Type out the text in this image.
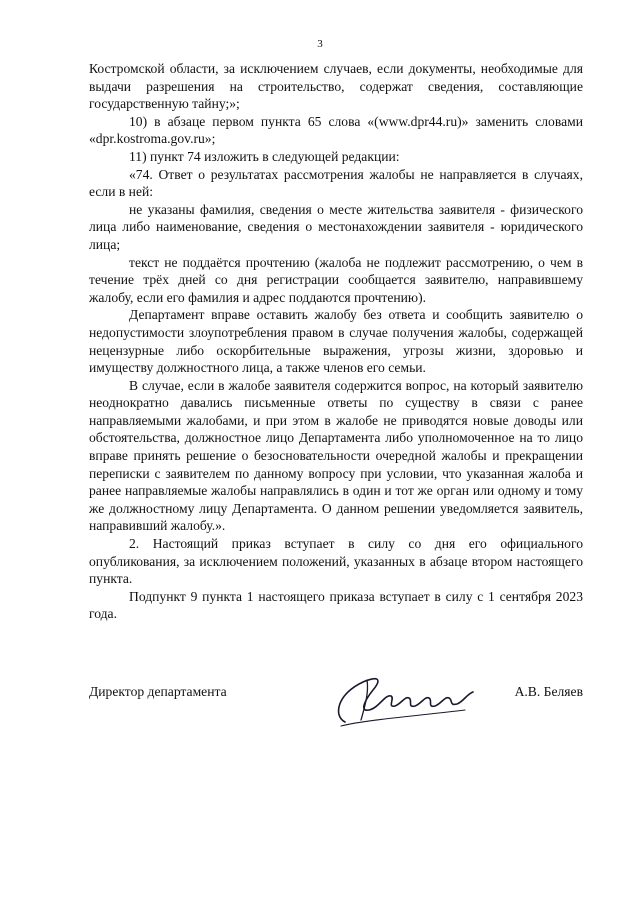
3

Костромской области, за исключением случаев, если документы, необходимые для выдачи разрешения на строительство, содержат сведения, составляющие государственную тайну;»;

10) в абзаце первом пункта 65 слова «(www.dpr44.ru)» заменить словами «dpr.kostroma.gov.ru»;

11) пункт 74 изложить в следующей редакции:

«74. Ответ о результатах рассмотрения жалобы не направляется в случаях, если в ней:

не указаны фамилия, сведения о месте жительства заявителя - физического лица либо наименование, сведения о местонахождении заявителя - юридического лица;

текст не поддаётся прочтению (жалоба не подлежит рассмотрению, о чем в течение трёх дней со дня регистрации сообщается заявителю, направившему жалобу, если его фамилия и адрес поддаются прочтению).

Департамент вправе оставить жалобу без ответа и сообщить заявителю о недопустимости злоупотребления правом в случае получения жалобы, содержащей нецензурные либо оскорбительные выражения, угрозы жизни, здоровью и имуществу должностного лица, а также членов его семьи.

В случае, если в жалобе заявителя содержится вопрос, на который заявителю неоднократно давались письменные ответы по существу в связи с ранее направляемыми жалобами, и при этом в жалобе не приводятся новые доводы или обстоятельства, должностное лицо Департамента либо уполномоченное на то лицо вправе принять решение о безосновательности очередной жалобы и прекращении переписки с заявителем по данному вопросу при условии, что указанная жалоба и ранее направляемые жалобы направлялись в один и тот же орган или одному и тому же должностному лицу Департамента. О данном решении уведомляется заявитель, направивший жалобу.».

2. Настоящий приказ вступает в силу со дня его официального опубликования, за исключением положений, указанных в абзаце втором настоящего пункта.

Подпункт 9 пункта 1 настоящего приказа вступает в силу с 1 сентября 2023 года.

Директор департамента	А.В. Беляев
